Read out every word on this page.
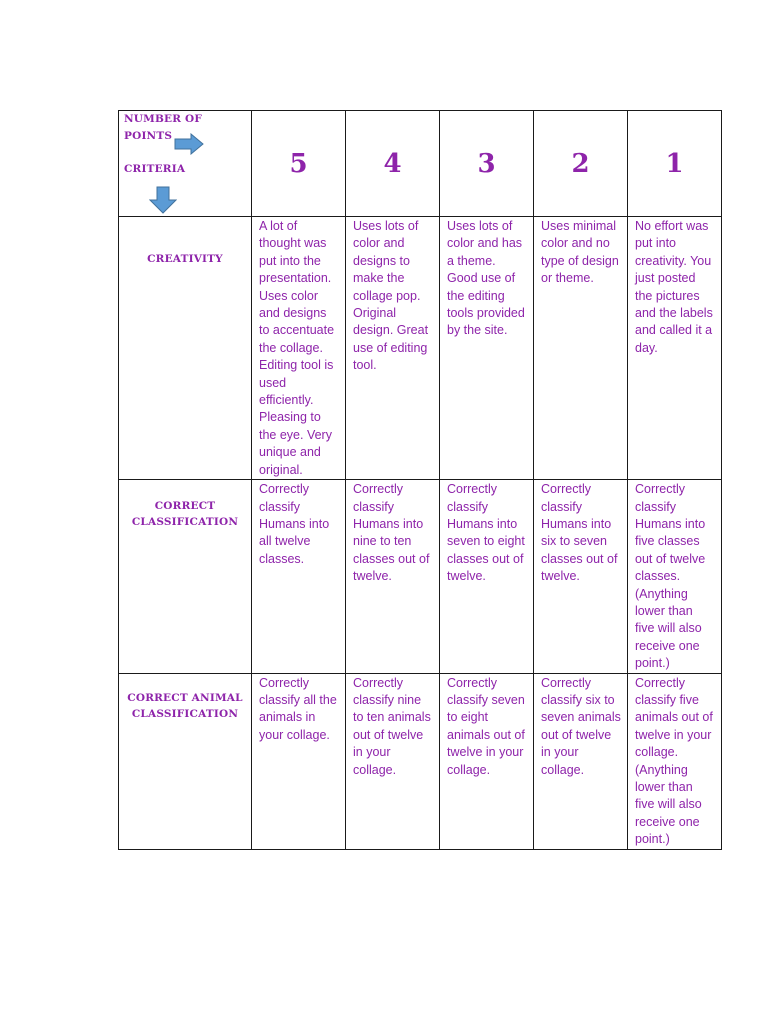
NUMBER OF POINTS
CRITERIA	5	4	3	2	1

CREATIVITY	A lot of thought was put into the presentation. Uses color and designs to accentuate the collage. Editing tool is used efficiently. Pleasing to the eye. Very unique and original.	Uses lots of color and designs to make the collage pop. Original design. Great use of editing tool.	Uses lots of color and has a theme. Good use of the editing tools provided by the site.	Uses minimal color and no type of design or theme.	No effort was put into creativity. You just posted the pictures and the labels and called it a day.

CORRECT CLASSIFICATION	Correctly classify Humans into all twelve classes.	Correctly classify Humans into nine to ten classes out of twelve.	Correctly classify Humans into seven to eight classes out of twelve.	Correctly classify Humans into six to seven classes out of twelve.	Correctly classify Humans into five classes out of twelve classes. (Anything lower than five will also receive one point.)

CORRECT ANIMAL CLASSIFICATION	Correctly classify all the animals in your collage.	Correctly classify nine to ten animals out of twelve in your collage.	Correctly classify seven to eight animals out of twelve in your collage.	Correctly classify six to seven animals out of twelve in your collage.	Correctly classify five animals out of twelve in your collage. (Anything lower than five will also receive one point.)
